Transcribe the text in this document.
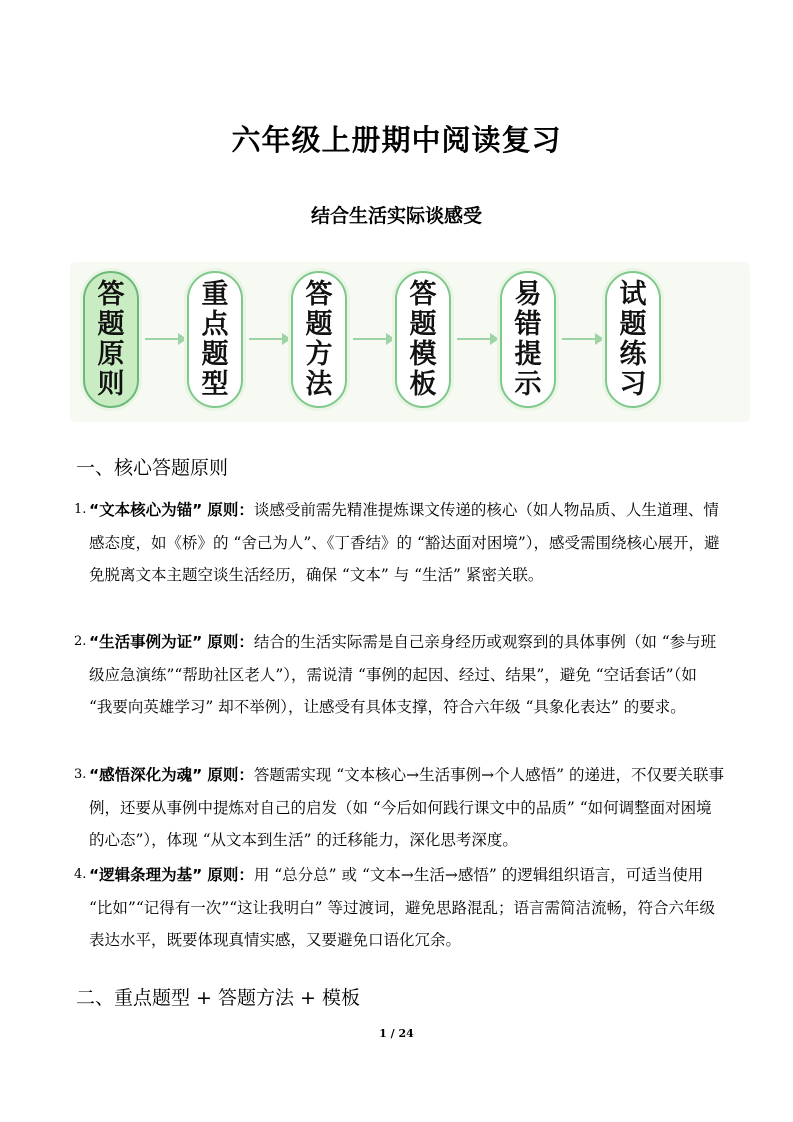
六年级上册期中阅读复习
结合生活实际谈感受
答
题
原
则
重
点
题
型
答
题
方
法
答
题
模
板
易
错
提
示
试
题
练
习
一、核心答题原则
1. “文本核心为锚” 原则：谈感受前需先精准提炼课文传递的核心（如人物品质、人生道理、情感态度，如《桥》的 “舍己为人”、《丁香结》的 “豁达面对困境”），感受需围绕核心展开，避免脱离文本主题空谈生活经历，确保 “文本” 与 “生活” 紧密关联。
2. “生活事例为证” 原则：结合的生活实际需是自己亲身经历或观察到的具体事例（如 “参与班级应急演练”“帮助社区老人”），需说清 “事例的起因、经过、结果”，避免 “空话套话”（如 “我要向英雄学习” 却不举例），让感受有具体支撑，符合六年级 “具象化表达” 的要求。
3. “感悟深化为魂” 原则：答题需实现 “文本核心→生活事例→个人感悟” 的递进，不仅要关联事例，还要从事例中提炼对自己的启发（如 “今后如何践行课文中的品质” “如何调整面对困境的心态”），体现 “从文本到生活” 的迁移能力，深化思考深度。
4. “逻辑条理为基” 原则：用 “总分总” 或 “文本→生活→感悟” 的逻辑组织语言，可适当使用 “比如”“记得有一次”“这让我明白” 等过渡词，避免思路混乱；语言需简洁流畅，符合六年级表达水平，既要体现真情实感，又要避免口语化冗余。
二、重点题型 + 答题方法 + 模板
1 / 24
